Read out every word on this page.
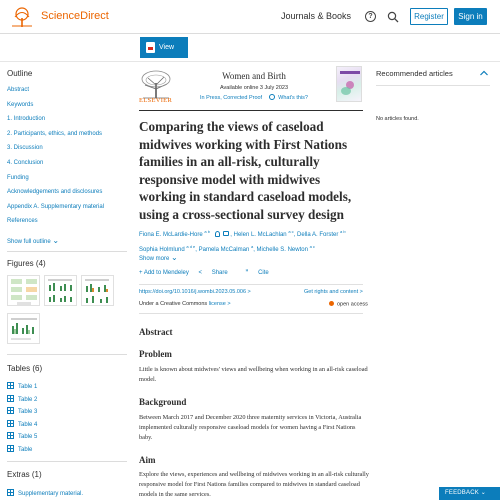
ScienceDirect	Journals & Books	?	Register	Sign in
View PDF
Outline
Abstract
Keywords
1. Introduction
2. Participants, ethics, and methods
3. Discussion
4. Conclusion
Funding
Acknowledgements and disclosures
Appendix A. Supplementary material
References
Show full outline ⌄
Figures (4)
Tables (6)
Table 1
Table 2
Table 3
Table 4
Table 5
Table
Extras (1)
Supplementary material.
ELSEVIER
Women and Birth
Available online 3 July 2023
In Press, Corrected Proof	What's this?
Comparing the views of caseload midwives working with First Nations families in an all-risk, culturally responsive model with midwives working in standard caseload models, using a cross-sectional survey design
Fiona E. McLardie-Hore $^{a b}$  , Helen L. McLachlan $^{a c}$, Della A. Forster $^{a b}$
Sophia Holmlund $^{a d e}$, Pamela McCalman $^a$, Michelle S. Newton $^{a c}$
Show more ⌄
+ Add to Mendeley < Share	” Cite
https://doi.org/10.1016/j.wombi.2023.05.006 >	Get rights and content >
Under a Creative Commons license >	open access
Abstract
Problem

Little is known about midwives' views and wellbeing when working in an all-risk caseload model.

Background

Between March 2017 and December 2020 three maternity services in Victoria, Australia implemented culturally responsive caseload models for women having a First Nations baby.

Aim

Explore the views, experiences and wellbeing of midwives working in an all-risk culturally responsive model for First Nations families compared to midwives in standard caseload models in the same services.

Recommended articles
No articles found.
FEEDBACK ⌄
